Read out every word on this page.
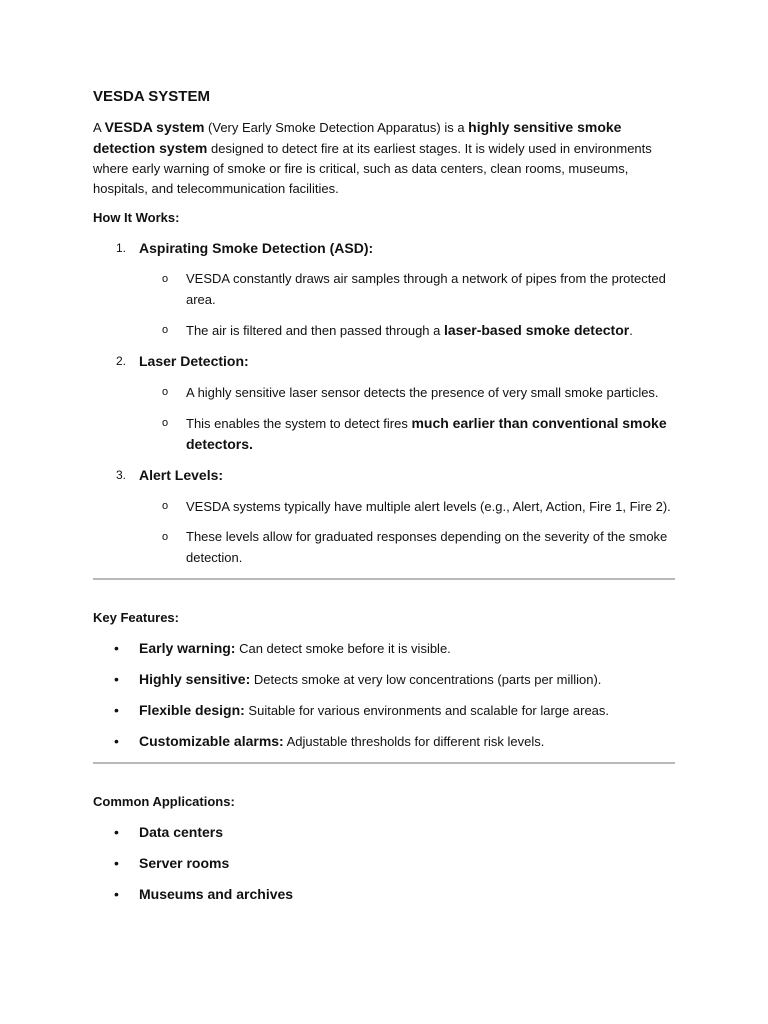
VESDA SYSTEM

A VESDA system (Very Early Smoke Detection Apparatus) is a highly sensitive smoke detection system designed to detect fire at its earliest stages. It is widely used in environments where early warning of smoke or fire is critical, such as data centers, clean rooms, museums, hospitals, and telecommunication facilities.

How It Works:
1. Aspirating Smoke Detection (ASD):
o VESDA constantly draws air samples through a network of pipes from the protected area.
o The air is filtered and then passed through a laser-based smoke detector.
2. Laser Detection:
o A highly sensitive laser sensor detects the presence of very small smoke particles.
o This enables the system to detect fires much earlier than conventional smoke detectors.
3. Alert Levels:
o VESDA systems typically have multiple alert levels (e.g., Alert, Action, Fire 1, Fire 2).
o These levels allow for graduated responses depending on the severity of the smoke detection.
Key Features:
• Early warning: Can detect smoke before it is visible.
• Highly sensitive: Detects smoke at very low concentrations (parts per million).
• Flexible design: Suitable for various environments and scalable for large areas.
• Customizable alarms: Adjustable thresholds for different risk levels.
Common Applications:
• Data centers
• Server rooms
• Museums and archives
